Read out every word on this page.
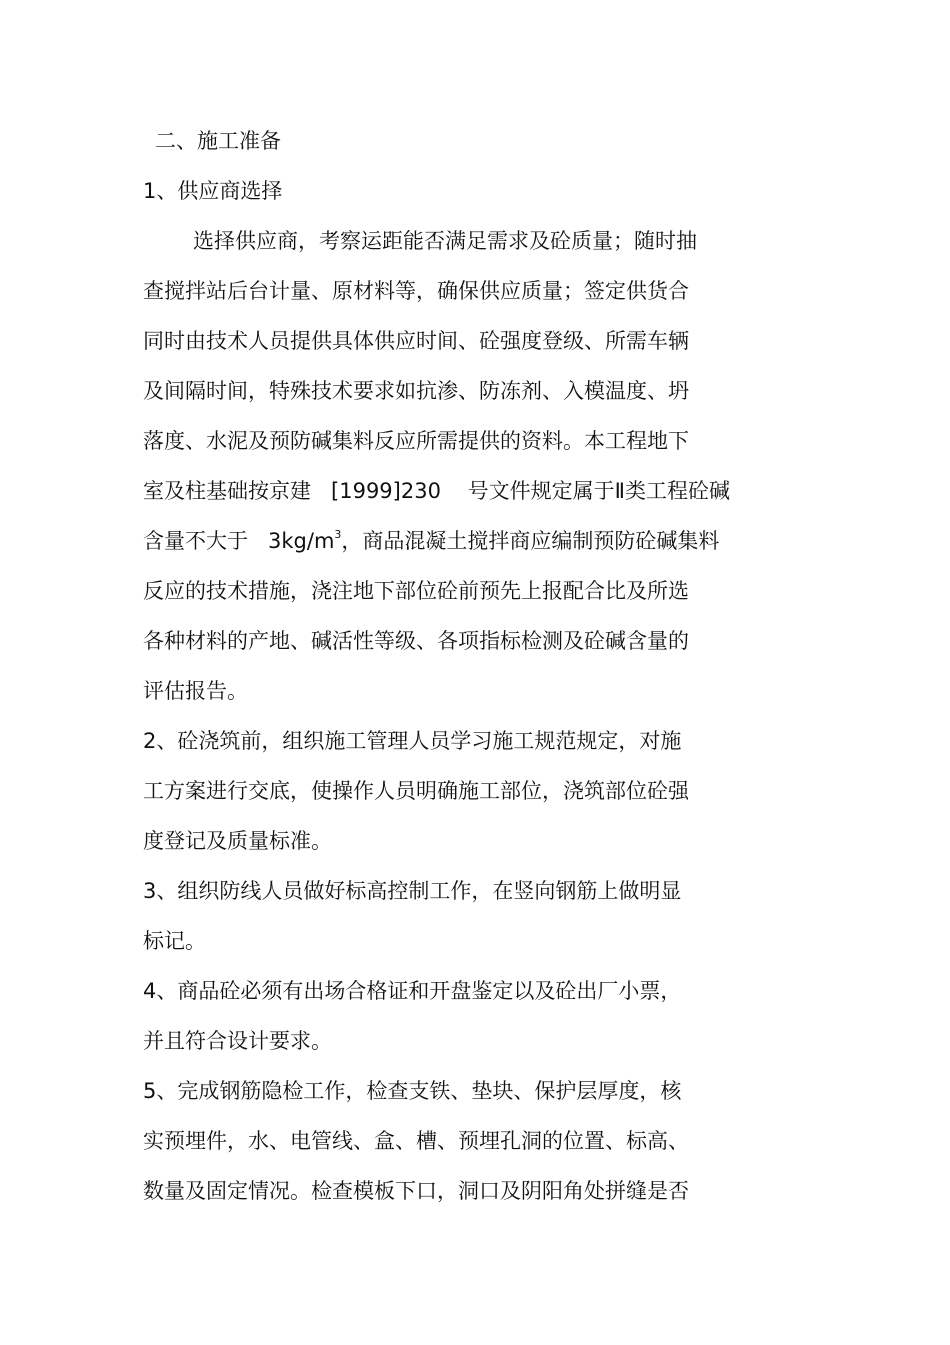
二、施工准备
1、供应商选择
选择供应商，考察运距能否满足需求及砼质量；随时抽
查搅拌站后台计量、原材料等，确保供应质量；签定供货合
同时由技术人员提供具体供应时间、砼强度登级、所需车辆
及间隔时间，特殊技术要求如抗渗、防冻剂、入模温度、坍
落度、水泥及预防碱集料反应所需提供的资料。本工程地下
室及柱基础按京建   [1999]230    号文件规定属于Ⅱ类工程砼碱
含量不大于   $3kg/m^3$，商品混凝土搅拌商应编制预防砼碱集料
反应的技术措施，浇注地下部位砼前预先上报配合比及所选
各种材料的产地、碱活性等级、各项指标检测及砼碱含量的
评估报告。
2、砼浇筑前，组织施工管理人员学习施工规范规定，对施
工方案进行交底，使操作人员明确施工部位，浇筑部位砼强
度登记及质量标准。
3、组织防线人员做好标高控制工作，在竖向钢筋上做明显
标记。
4、商品砼必须有出场合格证和开盘鉴定以及砼出厂小票，
并且符合设计要求。
5、完成钢筋隐检工作，检查支铁、垫块、保护层厚度，核
实预埋件，水、电管线、盒、槽、预埋孔洞的位置、标高、
数量及固定情况。检查模板下口，洞口及阴阳角处拼缝是否
